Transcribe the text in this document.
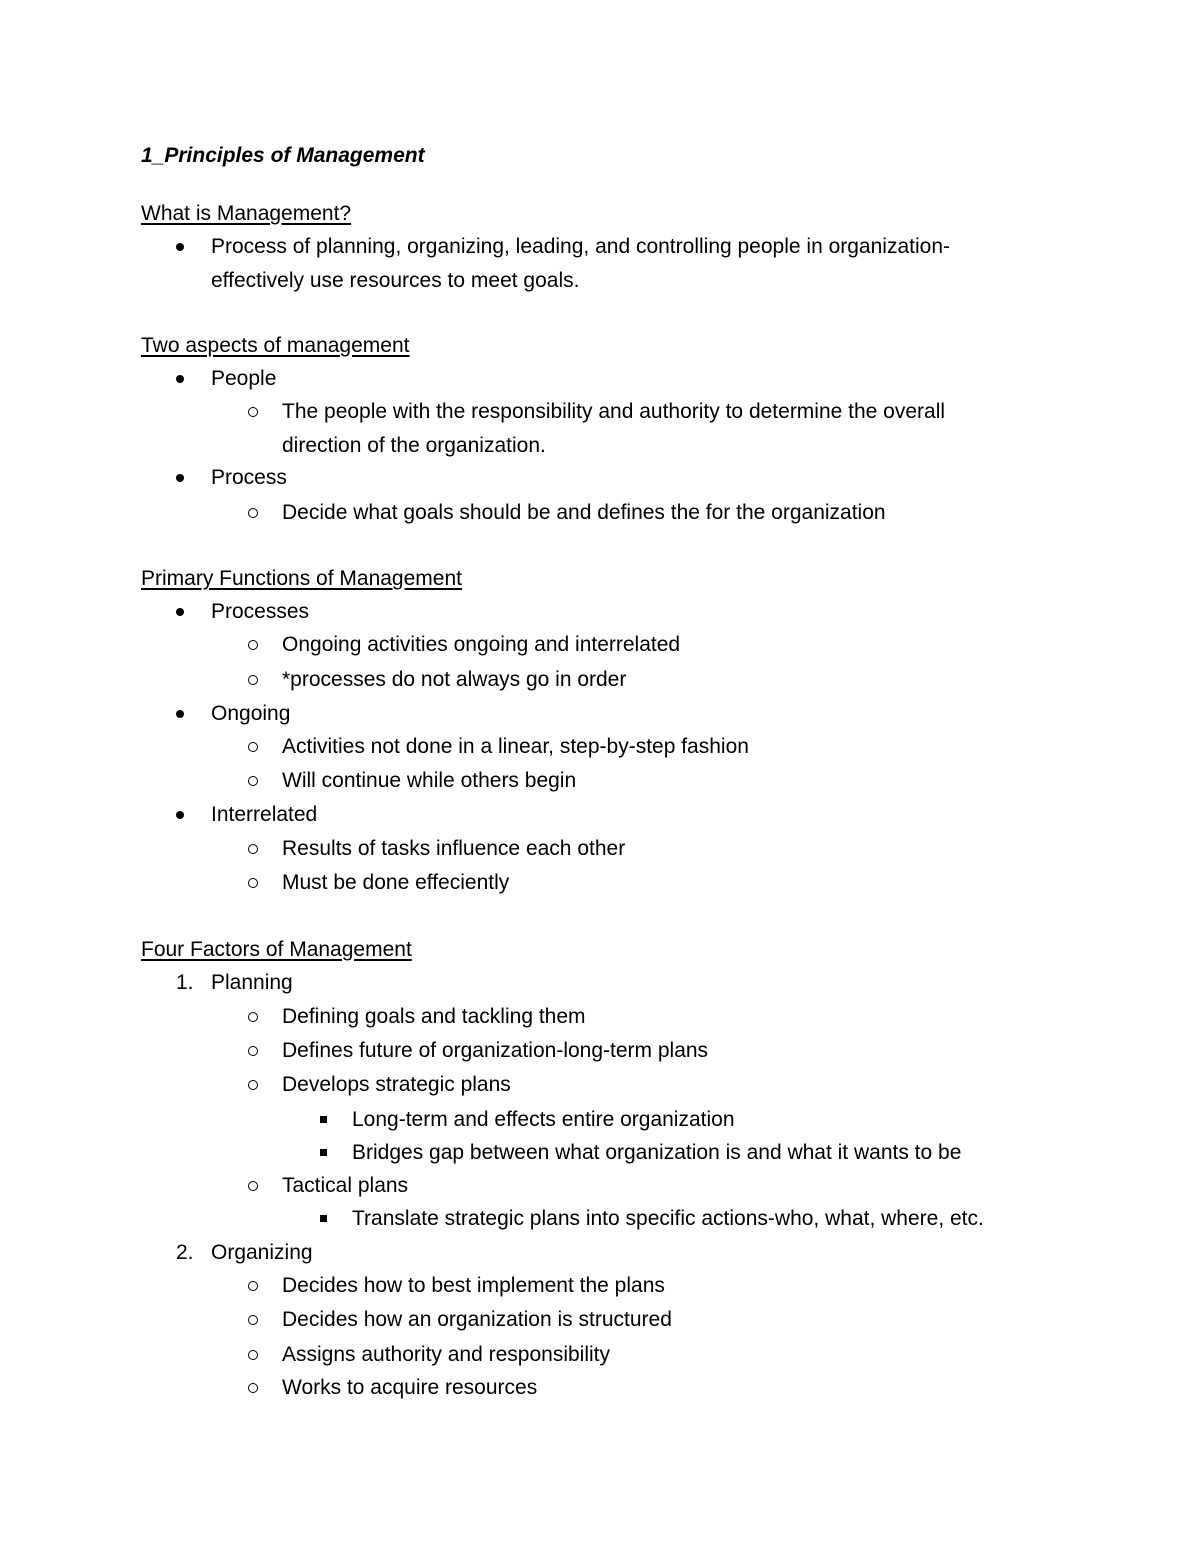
1_Principles of Management
What is Management?
Process of planning, organizing, leading, and controlling people in organization-
effectively use resources to meet goals.
Two aspects of management
People
The people with the responsibility and authority to determine the overall
direction of the organization.
Process
Decide what goals should be and defines the for the organization
Primary Functions of Management
Processes
Ongoing activities ongoing and interrelated
*processes do not always go in order
Ongoing
Activities not done in a linear, step-by-step fashion
Will continue while others begin
Interrelated
Results of tasks influence each other
Must be done effeciently
Four Factors of Management
1. Planning
Defining goals and tackling them
Defines future of organization-long-term plans
Develops strategic plans
Long-term and effects entire organization
Bridges gap between what organization is and what it wants to be
Tactical plans
Translate strategic plans into specific actions-who, what, where, etc.
2. Organizing
Decides how to best implement the plans
Decides how an organization is structured
Assigns authority and responsibility
Works to acquire resources
